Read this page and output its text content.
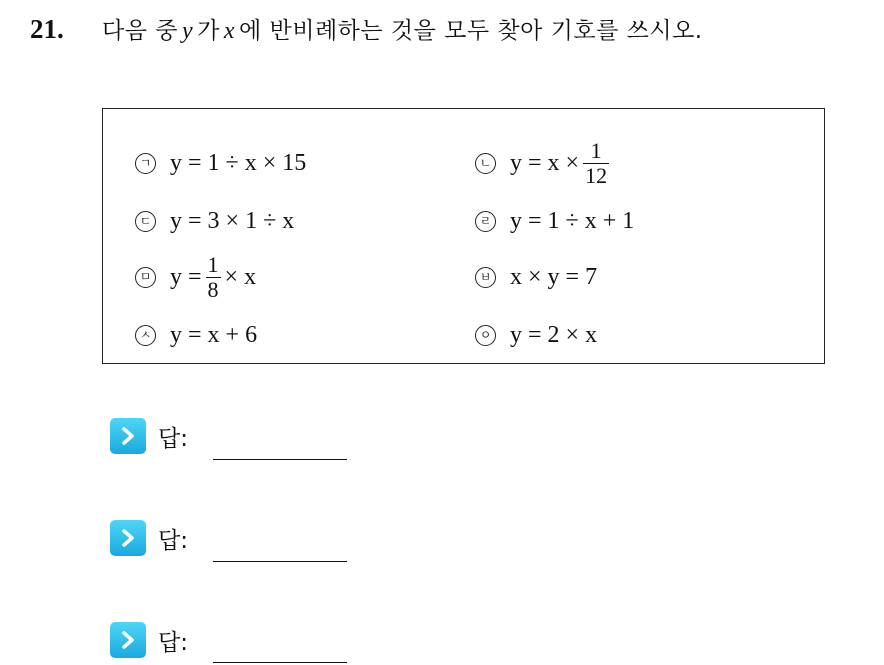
21.	다음 중 y 가 x 에 반비례하는 것을 모두 찾아 기호를 쓰시오.
ㄱ y = 1 ÷ x × 15	ㄴ $y = x \times \frac{1}{12}$
ㄷ y = 3 × 1 ÷ x	ㄹ y = 1 ÷ x + 1
ㅁ $y = \frac{1}{8} \times x$	ㅂ x × y = 7
ㅅ y = x + 6	ㅇ y = 2 × x
답:
답:
답:
